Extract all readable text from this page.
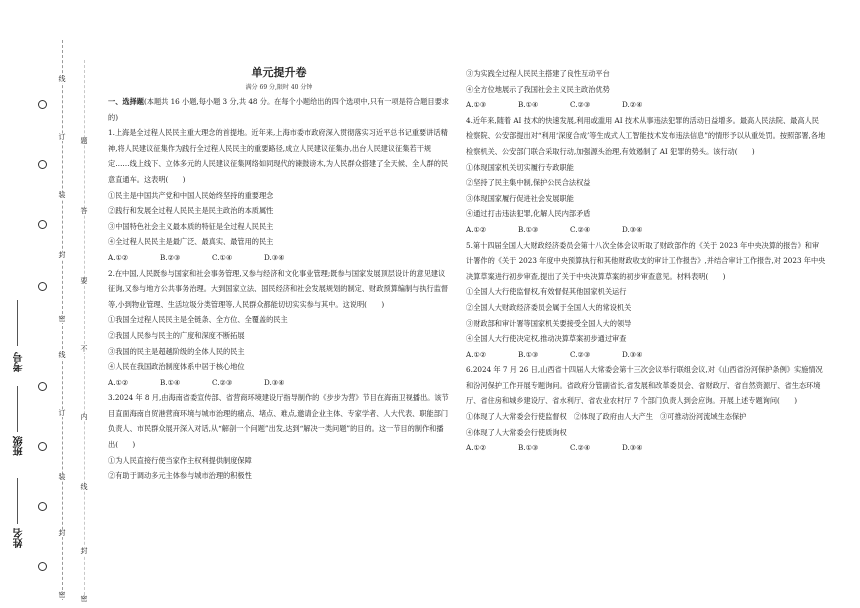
线
订
装
封
密
线
订
装
封
密
题
答
要
不
内
线
封
密
考号
班级
姓名

单元提升卷

满分 69 分,限时 40 分钟

一、选择题(本题共 16 小题,每小题 3 分,共 48 分。在每个小题给出的四个选项中,只有一项是符合题目要求的)

1.上海是全过程人民民主重大理念的首提地。近年来,上海市委市政府深入贯彻落实习近平总书记重要讲话精神,将人民建议征集作为践行全过程人民民主的重要路径,成立人民建议征集办,出台人民建议征集若干规定……线上线下、立体多元的人民建议征集网络如同现代的谏鼓谤木,为人民群众搭建了全天候、全人群的民意直通车。这表明(　　)

①民主是中国共产党和中国人民始终坚持的重要理念

②践行和发展全过程人民民主是民主政治的本质属性

③中国特色社会主义最本质的特征是全过程人民民主

④全过程人民民主是最广泛、最真实、最管用的民主

A.①②	B.②③	C.①④	D.③④

2.在中国,人民既参与国家和社会事务管理,又参与经济和文化事业管理;既参与国家发展顶层设计的意见建议征询,又参与地方公共事务治理。大到国家立法、国民经济和社会发展规划的制定、财政预算编制与执行监督等,小到物业管理、生活垃圾分类管理等,人民群众都能切切实实参与其中。这说明(　　)

①我国全过程人民民主是全链条、全方位、全覆盖的民主

②我国人民参与民主的广度和深度不断拓展

③我国的民主是超越阶级的全体人民的民主

④人民在我国政治制度体系中居于核心地位

A.①②	B.①④	C.②③	D.③④

3.2024 年 8 月,由海南省委宣传部、省营商环境建设厅指导制作的《步步为营》节目在海南卫视播出。该节目直面海南自贸港营商环境与城市治理的痛点、堵点、难点,邀请企业主体、专家学者、人大代表、职能部门负责人、市民群众展开深入对话,从“解剖一个问题”出发,达到“解决一类问题”的目的。这一节目的制作和播出(　　)

①为人民直接行使当家作主权利提供制度保障

②有助于调动多元主体参与城市治理的积极性

③为实践全过程人民民主搭建了良性互动平台

④全方位地展示了我国社会主义民主政治优势

A.①③	B.①④	C.②③	D.②④

4.近年来,随着 AI 技术的快速发展,利用或滥用 AI 技术从事违法犯罪的活动日益增多。最高人民法院、最高人民检察院、公安部提出对“利用‘深度合成’等生成式人工智能技术发布违法信息”的情形予以从重处罚。按照部署,各地检察机关、公安部门联合采取行动,加强源头治理,有效遏制了 AI 犯罪的势头。该行动(　　)

①体现国家机关切实履行专政职能

②坚持了民主集中制,保护公民合法权益

③体现国家履行促进社会发展职能

④通过打击违法犯罪,化解人民内部矛盾

A.①②	B.①③	C.②④	D.③④

5.第十四届全国人大财政经济委员会第十八次全体会议听取了财政部作的《关于 2023 年中央决算的报告》和审计署作的《关于 2023 年度中央预算执行和其他财政收支的审计工作报告》,并结合审计工作报告,对 2023 年中央决算草案进行初步审查,提出了关于中央决算草案的初步审查意见。材料表明(　　)

①全国人大行使监督权,有效督促其他国家机关运行

②全国人大财政经济委员会属于全国人大的常设机关

③财政部和审计署等国家机关要接受全国人大的领导

④全国人大行使决定权,推动决算草案初步通过审查

A.①②	B.①③	C.②③	D.③④

6.2024 年 7 月 26 日,山西省十四届人大常委会第十三次会议举行联组会议,对《山西省汾河保护条例》实施情况和汾河保护工作开展专题询问。省政府分管副省长,省发展和改革委员会、省财政厅、省自然资源厅、省生态环境厅、省住房和城乡建设厅、省水利厅、省农业农村厅 7 个部门负责人到会应询。开展上述专题询问(　　)

①体现了人大常委会行使监督权　②体现了政府由人大产生　③可推动汾河流域生态保护

④体现了人大常委会行使质询权

A.①②	B.①③	C.②④	D.③④
